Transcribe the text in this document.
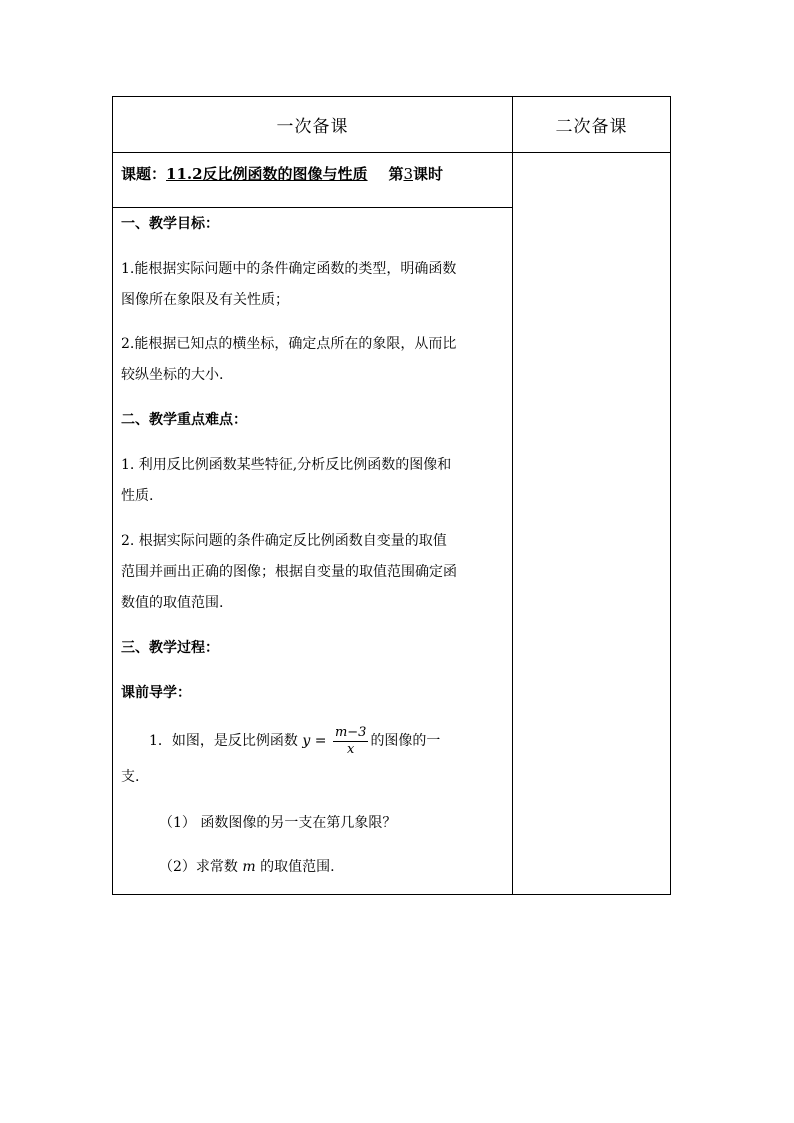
一次备课	二次备课
课题：11.2反比例函数的图像与性质 第3课时
一、教学目标：
1.能根据实际问题中的条件确定函数的类型，明确函数
图像所在象限及有关性质；
2.能根据已知点的横坐标，确定点所在的象限，从而比
较纵坐标的大小.
二、教学重点难点：
1. 利用反比例函数某些特征,分析反比例函数的图像和
性质.
2. 根据实际问题的条件确定反比例函数自变量的取值
范围并画出正确的图像；根据自变量的取值范围确定函
数值的取值范围.
三、教学过程：
课前导学：
1．如图，是反比例函数 $y = \frac{m-3}{x}$ 的图像的一
支.
（1） 函数图像的另一支在第几象限？
（2）求常数 m 的取值范围.
